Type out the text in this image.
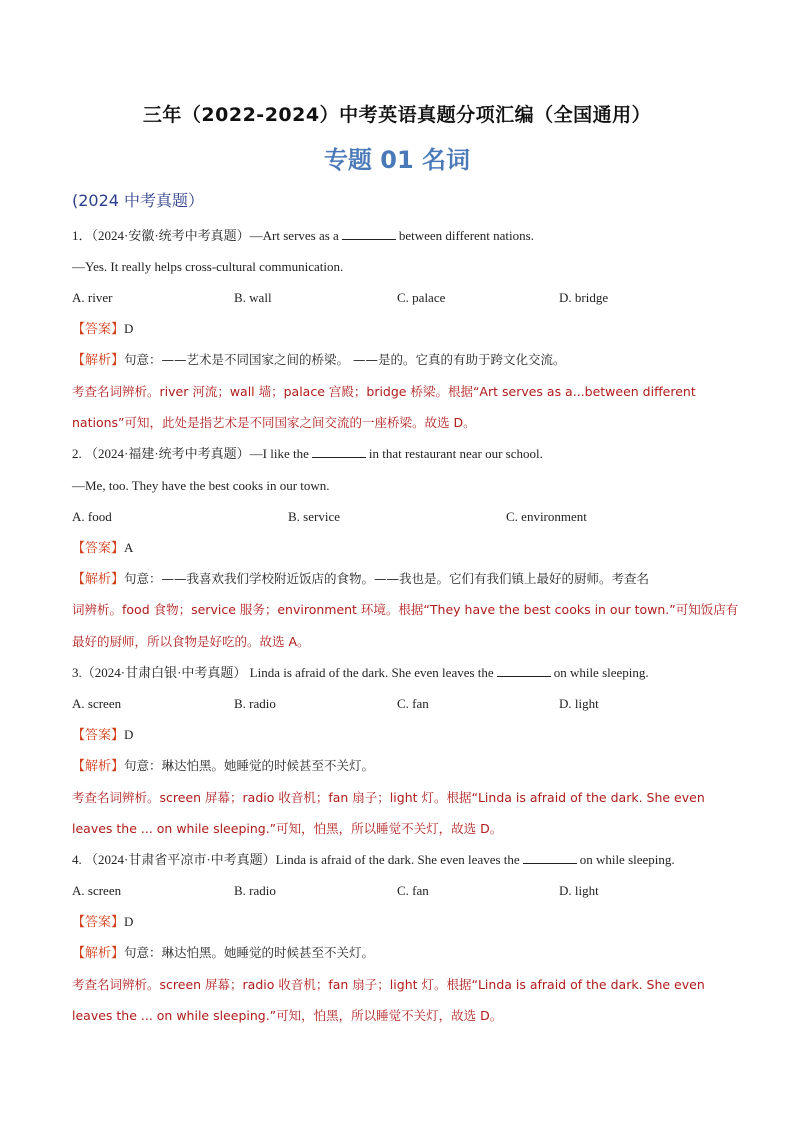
三年（2022-2024）中考英语真题分项汇编（全国通用）
专题 01 名词
(2024 中考真题）
1．（2024·安徽·统考中考真题）—Art serves as a	between different nations.
—Yes. It really helps cross-cultural communication.
A. river	B. wall	C. palace	D. bridge
【答案】D
【解析】句意：——艺术是不同国家之间的桥梁。 ——是的。它真的有助于跨文化交流。
考查名词辨析。river 河流；wall 墙；palace 宫殿；bridge 桥梁。根据“Art serves as a...between different
nations”可知，此处是指艺术是不同国家之间交流的一座桥梁。故选 D。
2. （2024·福建·统考中考真题）—I like the	in that restaurant near our school.
—Me, too. They have the best cooks in our town.
A. food	B. service	C. environment
【答案】A
【解析】句意：——我喜欢我们学校附近饭店的食物。——我也是。它们有我们镇上最好的厨师。考查名
词辨析。food 食物；service 服务；environment 环境。根据“They have the best cooks in our town.”可知饭店有
最好的厨师，所以食物是好吃的。故选 A。
3.（2024·甘肃白银·中考真题） Linda is afraid of the dark. She even leaves the	on while sleeping.
A. screen	B. radio	C. fan	D. light
【答案】D
【解析】句意：琳达怕黑。她睡觉的时候甚至不关灯。
考查名词辨析。screen 屏幕；radio 收音机；fan 扇子；light 灯。根据“Linda is afraid of the dark. She even
leaves the ... on while sleeping.”可知，怕黑，所以睡觉不关灯，故选 D。
4. （2024·甘肃省平凉市·中考真题）Linda is afraid of the dark. She even leaves the	on while sleeping.
A. screen	B. radio	C. fan	D. light
【答案】D
【解析】句意：琳达怕黑。她睡觉的时候甚至不关灯。
考查名词辨析。screen 屏幕；radio 收音机；fan 扇子；light 灯。根据“Linda is afraid of the dark. She even
leaves the ... on while sleeping.”可知，怕黑，所以睡觉不关灯，故选 D。
